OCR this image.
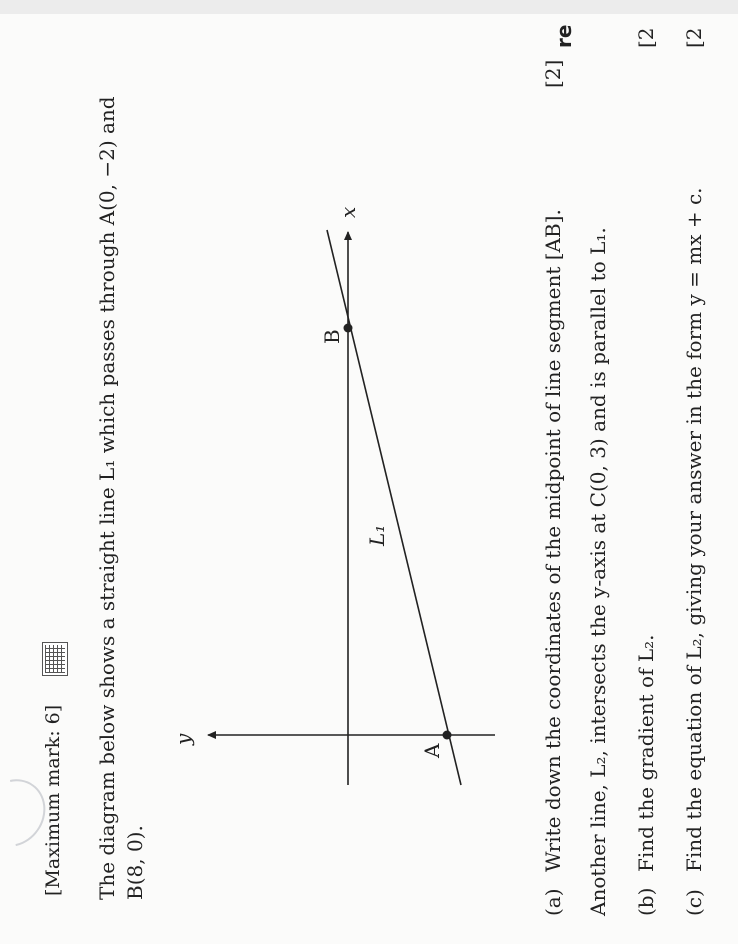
[Maximum mark: 6] The diagram below shows a straight line L₁ which passes through A(0, −2) and B(8, 0).
x
y
B
A
L₁
(a)
Write down the coordinates of the midpoint of line segment [AB].
[2]
re
Another line, L₂, intersects the y-axis at C(0, 3) and is parallel to L₁. (b)
Find the gradient of L₂.
[2
(c)
Find the equation of L₂, giving your answer in the form y = mx + c.
[2
